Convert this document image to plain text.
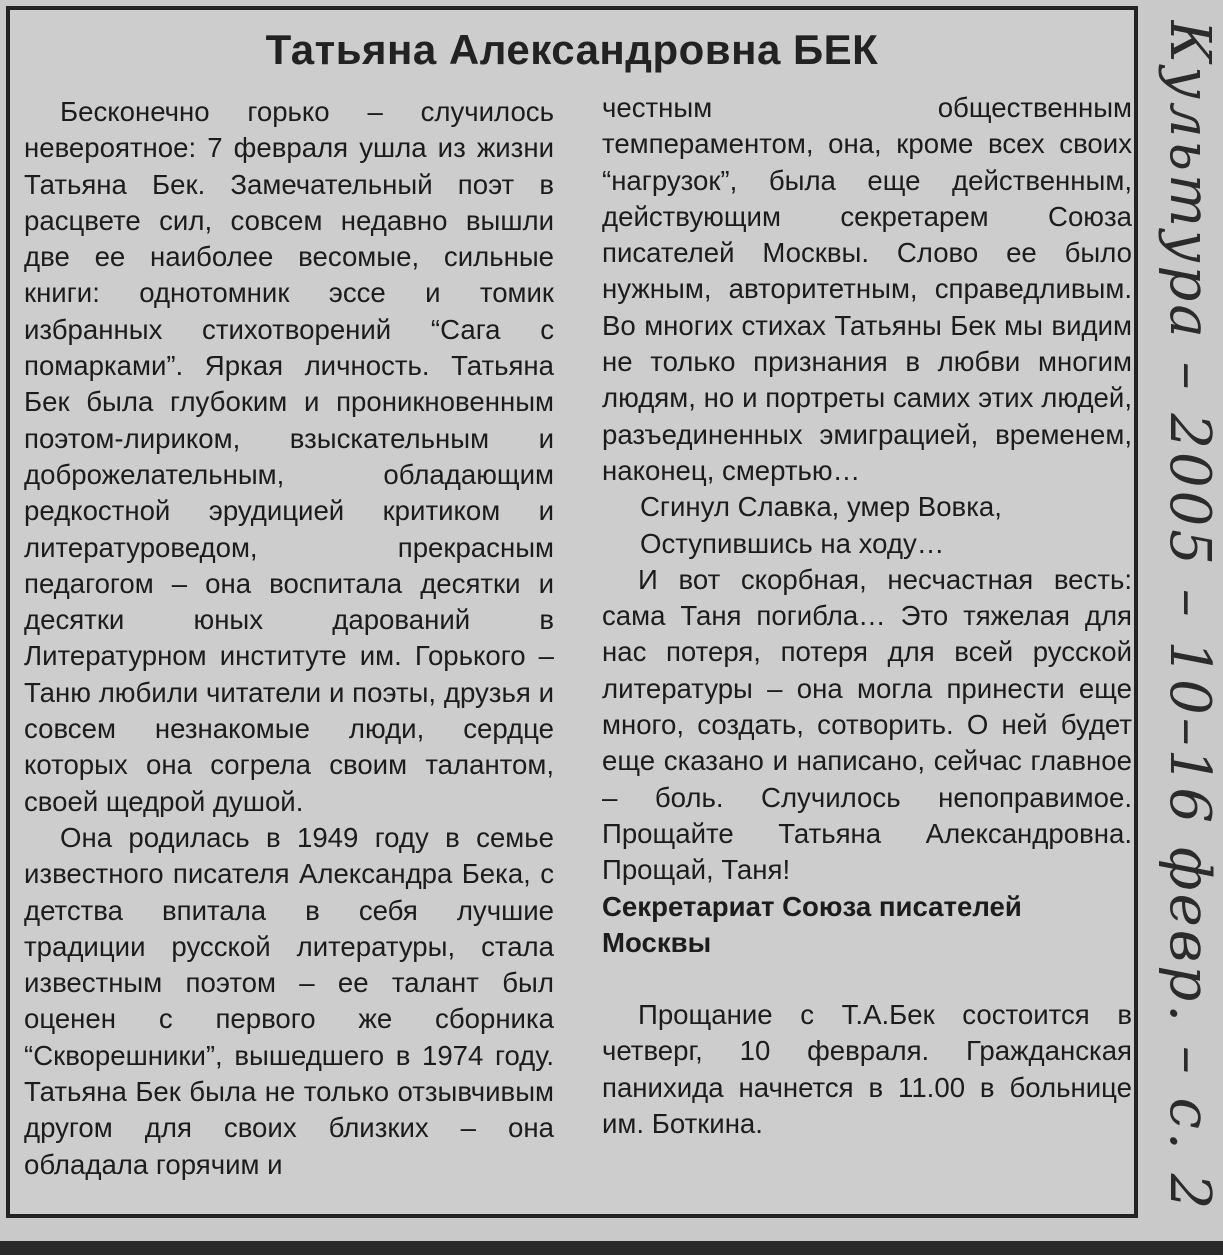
Татьяна Александровна БЕК

Бесконечно горько – случилось невероятное: 7 февраля ушла из жизни Татьяна Бек. Замечательный поэт в расцвете сил, совсем недавно вышли две ее наиболее весомые, сильные книги: однотомник эссе и томик избранных стихотворений “Сага с помарками”. Яркая личность. Татьяна Бек была глубоким и проникновенным поэтом-лириком, взыскательным и доброжелательным, обладающим редкостной эрудицией критиком и литературоведом, прекрасным педагогом – она воспитала десятки и десятки юных дарований в Литературном институте им. Горького – Таню любили читатели и поэты, друзья и совсем незнакомые люди, сердце которых она согрела своим талантом, своей щедрой душой.

Она родилась в 1949 году в семье известного писателя Александра Бека, с детства впитала в себя лучшие традиции русской литературы, стала известным поэтом – ее талант был оценен с первого же сборника “Скворешники”, вышедшего в 1974 году. Татьяна Бек была не только отзывчивым другом для своих близких – она обладала горячим и

честным общественным темпераментом, она, кроме всех своих “нагрузок”, была еще действенным, действующим секретарем Союза писателей Москвы. Слово ее было нужным, авторитетным, справедливым. Во многих стихах Татьяны Бек мы видим не только признания в любви многим людям, но и портреты самих этих людей, разъединенных эмиграцией, временем, наконец, смертью…

Сгинул Славка, умер Вовка,

Оступившись на ходу…

И вот скорбная, несчастная весть: сама Таня погибла… Это тяжелая для нас потеря, потеря для всей русской литературы – она могла принести еще много, создать, сотворить. О ней будет еще сказано и написано, сейчас главное – боль. Случилось непоправимое. Прощайте Татьяна Александровна. Прощай, Таня!

Секретариат Союза писателей
Москвы

Прощание с Т.А.Бек состоится в четверг, 10 февраля. Гражданская панихида начнется в 11.00 в больнице им. Боткина.	Культура – 2005 – 10–16 февр. – с. 2
